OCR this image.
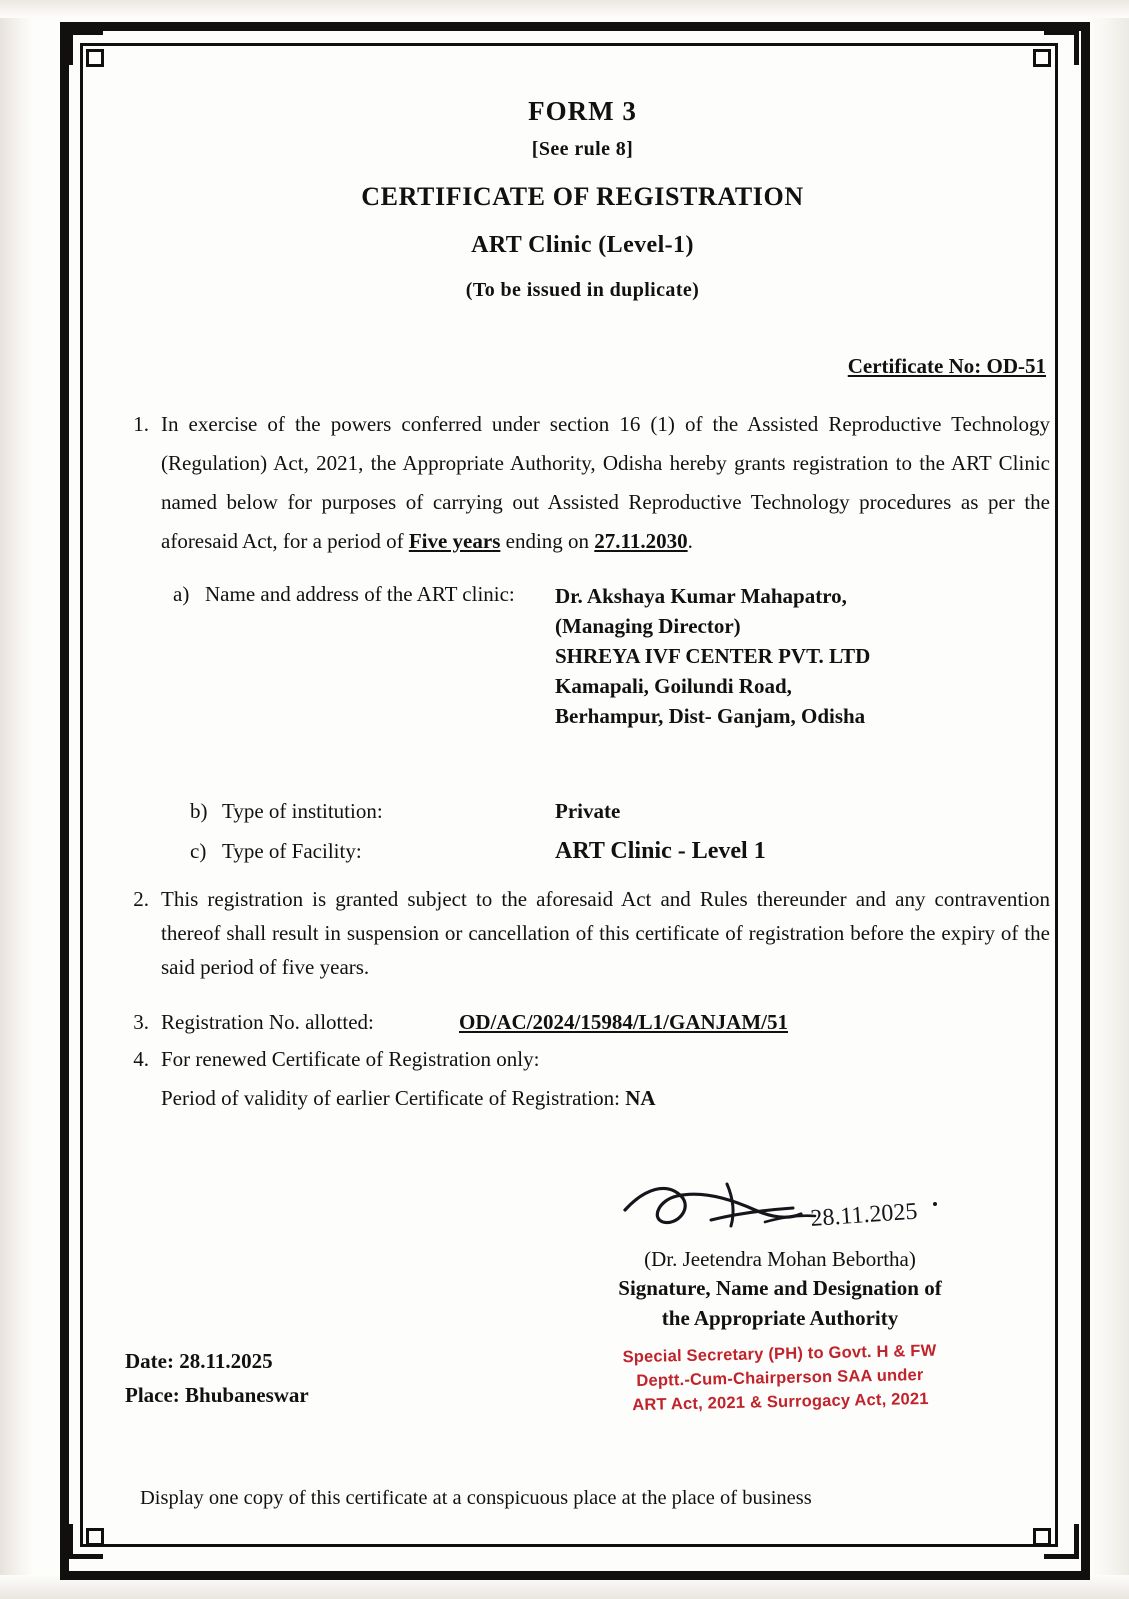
FORM 3
[See rule 8]
CERTIFICATE OF REGISTRATION
ART Clinic (Level-1)
(To be issued in duplicate)
Certificate No: OD-51
1. In exercise of the powers conferred under section 16 (1) of the Assisted Reproductive Technology (Regulation) Act, 2021, the Appropriate Authority, Odisha hereby grants registration to the ART Clinic named below for purposes of carrying out Assisted Reproductive Technology procedures as per the aforesaid Act, for a period of Five years ending on 27.11.2030.
a) Name and address of the ART clinic: Dr. Akshaya Kumar Mahapatro,
(Managing Director)
SHREYA IVF CENTER PVT. LTD
Kamapali, Goilundi Road,
Berhampur, Dist- Ganjam, Odisha
b) Type of institution:	Private
c) Type of Facility:	ART Clinic - Level 1
2. This registration is granted subject to the aforesaid Act and Rules thereunder and any contravention thereof shall result in suspension or cancellation of this certificate of registration before the expiry of the said period of five years.
3. Registration No. allotted:	OD/AC/2024/15984/L1/GANJAM/51
4. For renewed Certificate of Registration only:
Period of validity of earlier Certificate of Registration: NA
28.11.2025
(Dr. Jeetendra Mohan Bebortha)
Signature, Name and Designation of
the Appropriate Authority
Special Secretary (PH) to Govt. H & FW
Deptt.-Cum-Chairperson SAA under
ART Act, 2021 & Surrogacy Act, 2021
Date: 28.11.2025
Place: Bhubaneswar
Display one copy of this certificate at a conspicuous place at the place of business
